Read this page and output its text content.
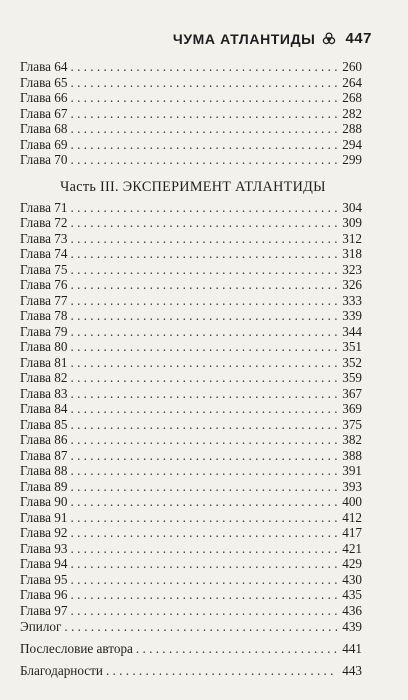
ЧУМА АТЛАНТИДЫ 447
Глава 64 . . .	260
Глава 65 . . .	264
Глава 66 . . .	268
Глава 67 . . .	282
Глава 68 . . .	288
Глава 69 . . .	294
Глава 70 . . .	299
Часть III. ЭКСПЕРИМЕНТ АТЛАНТИДЫ
Глава 71 . . .	304
Глава 72 . . .	309
Глава 73 . . .	312
Глава 74 . . .	318
Глава 75 . . .	323
Глава 76 . . .	326
Глава 77 . . .	333
Глава 78 . . .	339
Глава 79 . . .	344
Глава 80 . . .	351
Глава 81 . . .	352
Глава 82 . . .	359
Глава 83 . . .	367
Глава 84 . . .	369
Глава 85 . . .	375
Глава 86 . . .	382
Глава 87 . . .	388
Глава 88 . . .	391
Глава 89 . . .	393
Глава 90 . . .	400
Глава 91 . . .	412
Глава 92 . . .	417
Глава 93 . . .	421
Глава 94 . . .	429
Глава 95 . . .	430
Глава 96 . . .	435
Глава 97 . . .	436
Эпилог . . .	439
Послесловие автора . . .	441
Благодарности . . .	443
